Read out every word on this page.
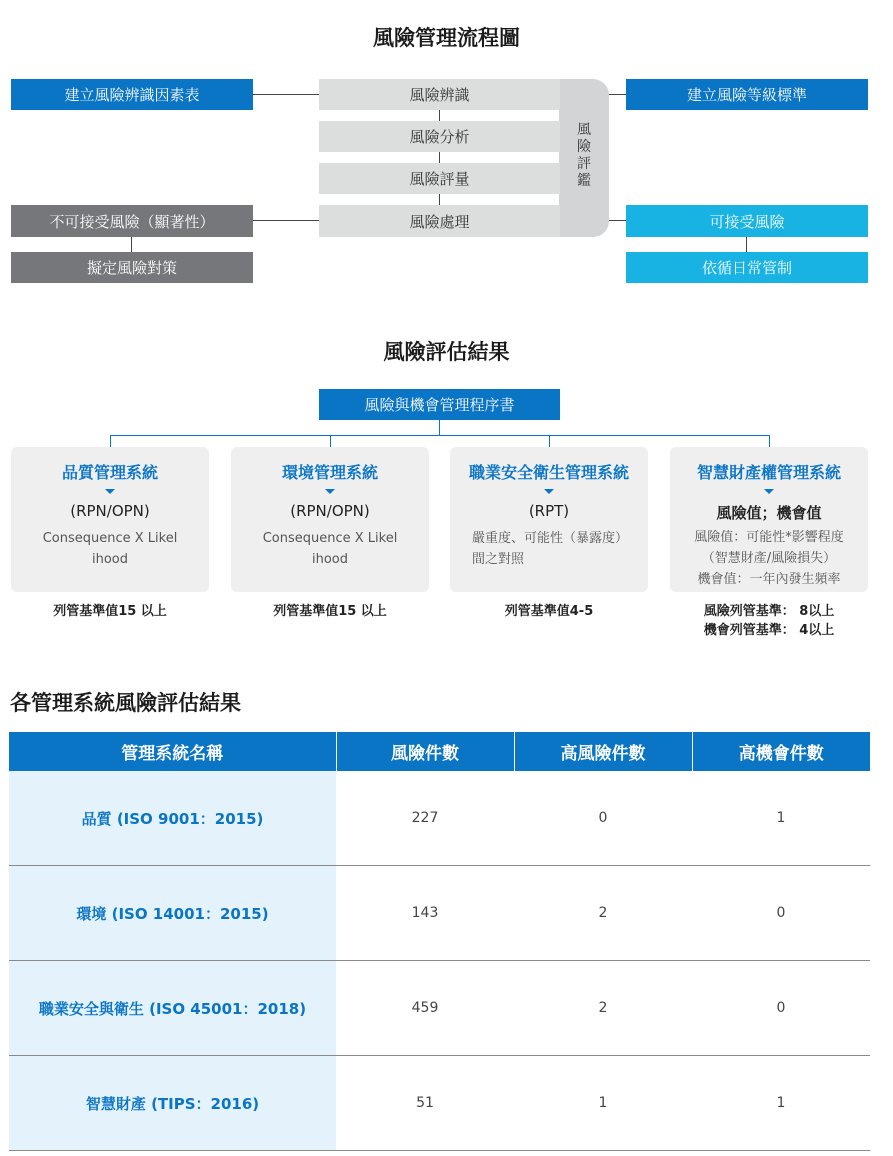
風險管理流程圖
風
險
評
鑑
建立風險辨識因素表
不可接受風險（顯著性）
擬定風險對策
風險辨識
風險分析
風險評量
風險處理
建立風險等級標準
可接受風險
依循日常管制
風險評估結果
風險與機會管理程序書
品質管理系統
(RPN/OPN)
Consequence X Likel ihood
環境管理系統
(RPN/OPN)
Consequence X Likel ihood
職業安全衛生管理系統
(RPT)
嚴重度、可能性（暴露度）
間之對照
智慧財產權管理系統
風險值；機會值
風險值：可能性*影響程度
（智慧財產/風險損失）
機會值：一年內發生頻率
列管基準值15 以上	列管基準值15 以上	列管基準值4-5	風險列管基準： 8以上
機會列管基準： 4以上
各管理系統風險評估結果
管理系統名稱	風險件數	高風險件數	高機會件數
品質 (ISO 9001：2015)	227	0	1
環境 (ISO 14001：2015)	143	2	0
職業安全與衛生 (ISO 45001：2018)	459	2	0
智慧財產 (TIPS：2016)	51	1	1
